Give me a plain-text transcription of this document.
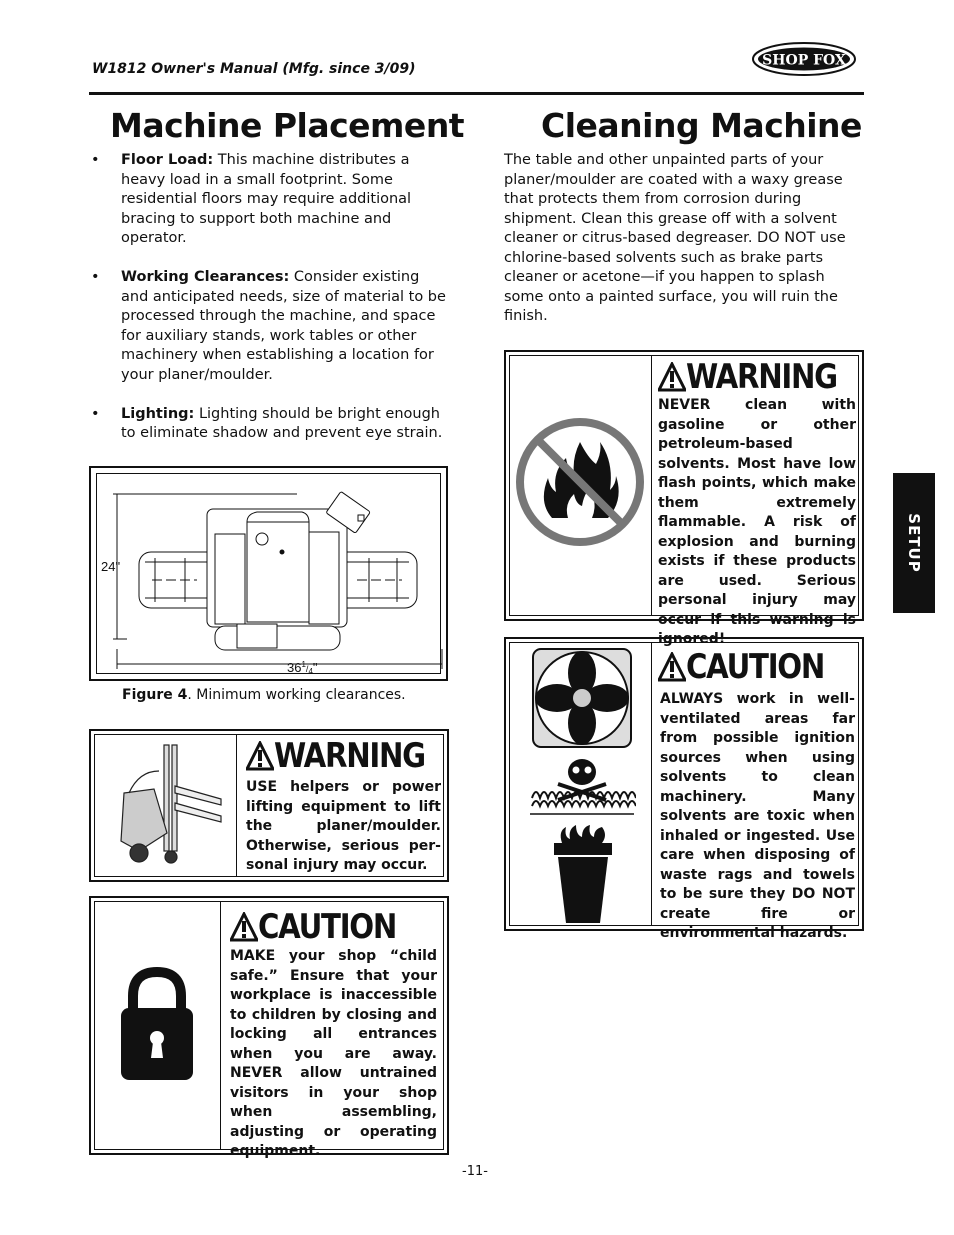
W1812 Owner's Manual (Mfg. since 3/09)
SHOP FOX
Machine Placement Cleaning Machine
• Floor Load: This machine distributes a heavy load in a small footprint. Some residential floors may require additional bracing to support both machine and operator.
• Working Clearances: Consider existing and anticipated needs, size of material to be processed through the machine, and space for auxiliary stands, work tables or other machinery when establishing a location for your planer/moulder.
• Lighting: Lighting should be bright enough to eliminate shadow and prevent eye strain.
The table and other unpainted parts of your planer/moulder are coated with a waxy grease that protects them from corrosion during shipment. Clean this grease off with a solvent cleaner or citrus-based degreaser. DO NOT use chlorine-based solvents such as brake parts cleaner or acetone—if you happen to splash some onto a painted surface, you will ruin the finish.
24"
$36^1_/4$"
Figure 4. Minimum working clearances.
WARNING
USE helpers or power lifting equipment to lift the planer/moulder. Otherwise, serious per-sonal injury may occur.
CAUTION
MAKE your shop “child safe.” Ensure that your workplace is inaccessible to children by closing and locking all entrances when you are away. NEVER allow untrained visitors in your shop when assembling, adjusting or operating equipment.
WARNING
NEVER clean with gasoline or other petroleum-based solvents. Most have low flash points, which make them extremely flammable. A risk of explosion and burning exists if these products are used. Serious personal injury may occur if this warning is ignored!
CAUTION
ALWAYS work in well-ventilated areas far from possible ignition sources when using solvents to clean machinery. Many solvents are toxic when inhaled or ingested. Use care when disposing of waste rags and towels to be sure they DO NOT create fire or environmental hazards.
SETUP
-11-
